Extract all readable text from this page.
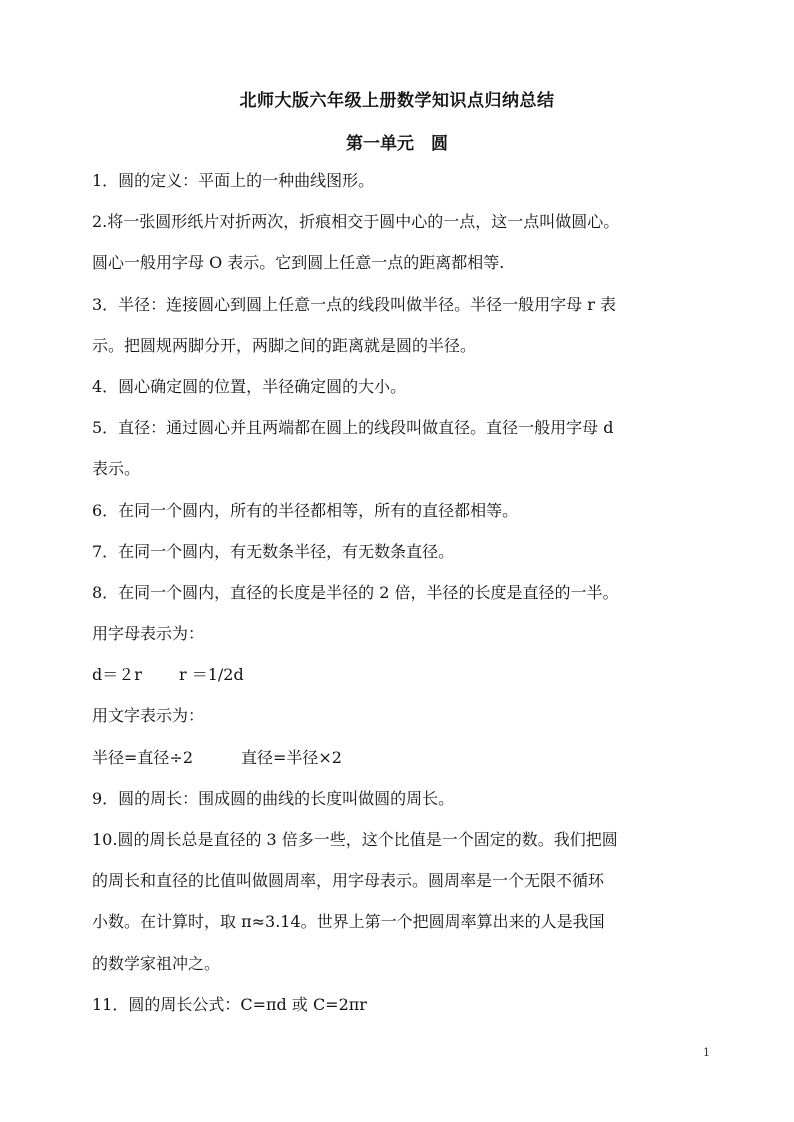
北师大版六年级上册数学知识点归纳总结
第一单元　圆
1．圆的定义：平面上的一种曲线图形。
2.将一张圆形纸片对折两次，折痕相交于圆中心的一点，这一点叫做圆心。
圆心一般用字母 O 表示。它到圆上任意一点的距离都相等.
3．半径：连接圆心到圆上任意一点的线段叫做半径。半径一般用字母 r 表
示。把圆规两脚分开，两脚之间的距离就是圆的半径。
4．圆心确定圆的位置，半径确定圆的大小。
5．直径：通过圆心并且两端都在圆上的线段叫做直径。直径一般用字母 d
表示。
6．在同一个圆内，所有的半径都相等，所有的直径都相等。
7．在同一个圆内，有无数条半径，有无数条直径。
8．在同一个圆内，直径的长度是半径的 2 倍，半径的长度是直径的一半。
用字母表示为：
d＝２r　　 r ＝1/2d
用文字表示为：
半径=直径÷2　　　直径=半径×2
9．圆的周长：围成圆的曲线的长度叫做圆的周长。
10.圆的周长总是直径的 3 倍多一些，这个比值是一个固定的数。我们把圆
的周长和直径的比值叫做圆周率，用字母表示。圆周率是一个无限不循环
小数。在计算时，取 π≈3.14。世界上第一个把圆周率算出来的人是我国
的数学家祖冲之。
11．圆的周长公式：C=πd 或 C=2πr
1
